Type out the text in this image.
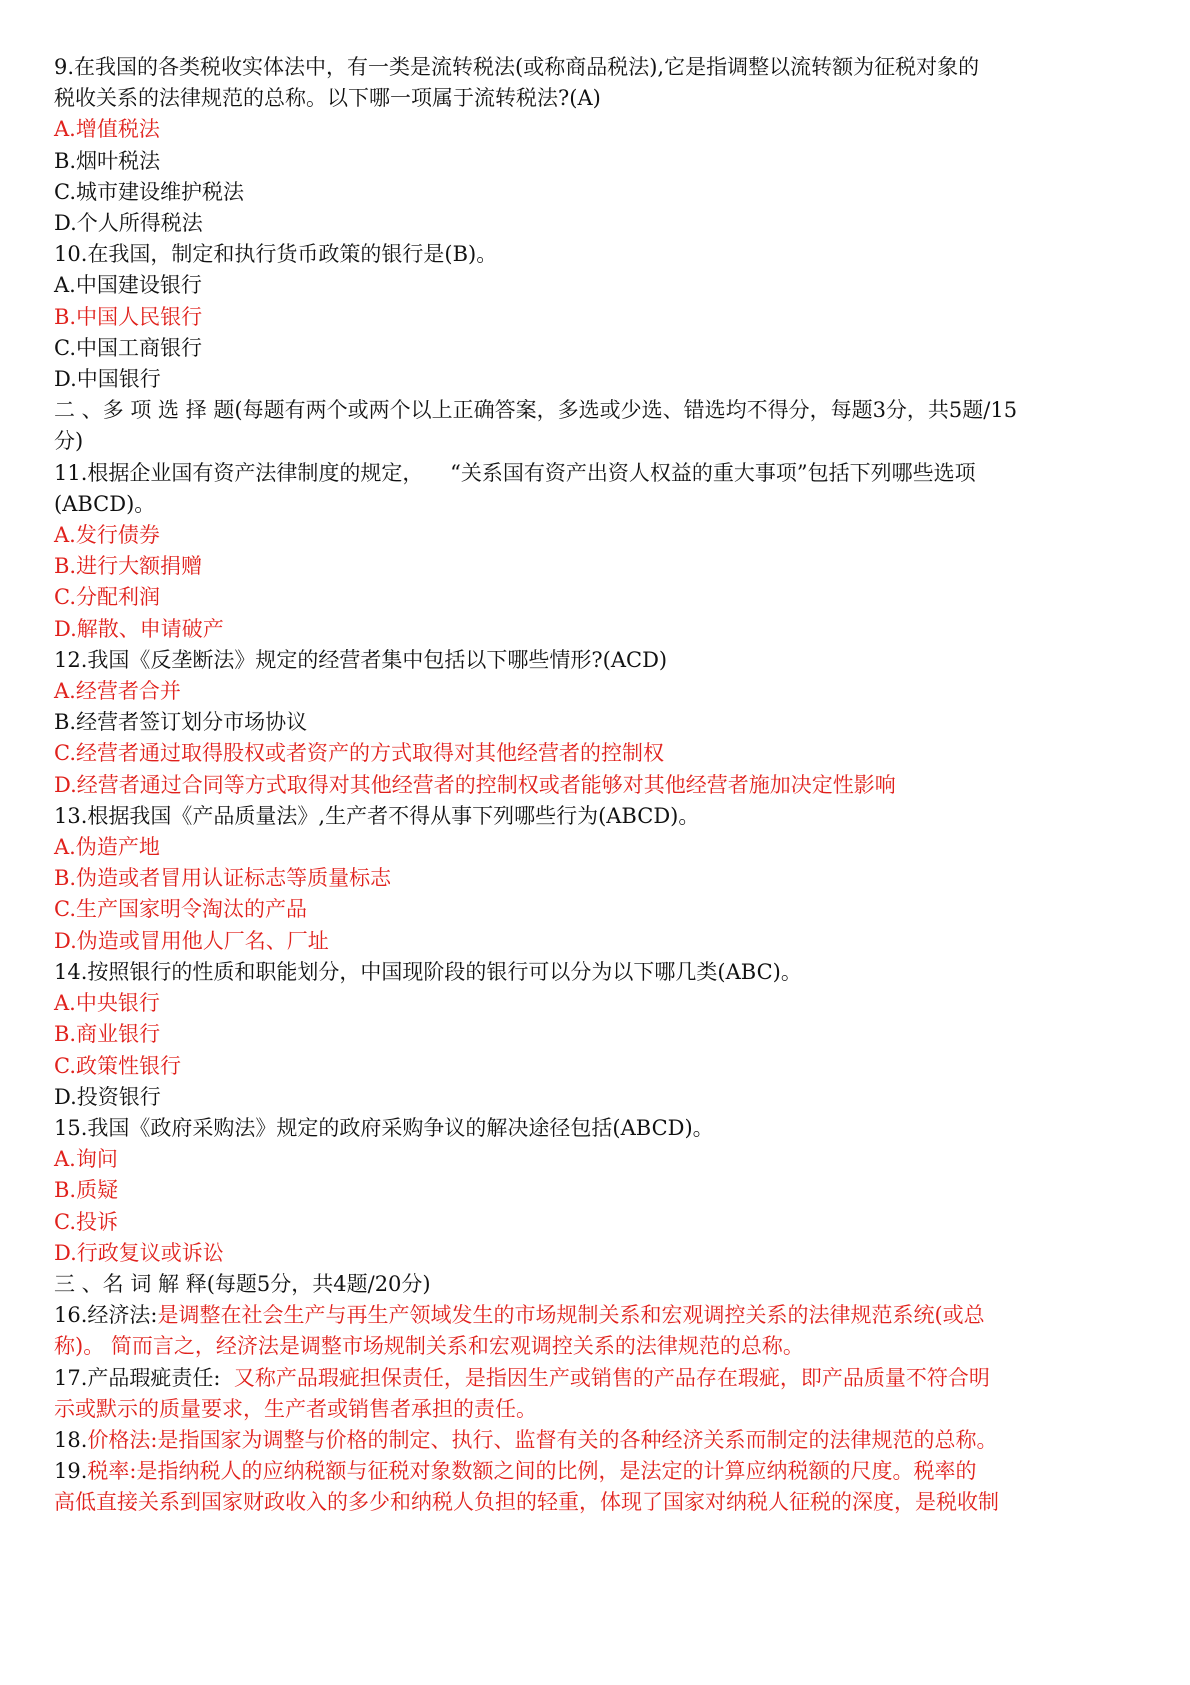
9.在我国的各类税收实体法中，有一类是流转税法(或称商品税法),它是指调整以流转额为征税对象的

税收关系的法律规范的总称。以下哪一项属于流转税法?(A)

A.增值税法

B.烟叶税法

C.城市建设维护税法

D.个人所得税法

10.在我国，制定和执行货币政策的银行是(B)。

A.中国建设银行

B.中国人民银行

C.中国工商银行

D.中国银行

二 、多 项 选 择 题(每题有两个或两个以上正确答案，多选或少选、错选均不得分，每题3分，共5题/15

分)

11.根据企业国有资产法律制度的规定，    “关系国有资产出资人权益的重大事项”包括下列哪些选项

(ABCD)。

A.发行债券

B.进行大额捐赠

C.分配利润

D.解散、申请破产

12.我国《反垄断法》规定的经营者集中包括以下哪些情形?(ACD)

A.经营者合并

B.经营者签订划分市场协议

C.经营者通过取得股权或者资产的方式取得对其他经营者的控制权

D.经营者通过合同等方式取得对其他经营者的控制权或者能够对其他经营者施加决定性影响

13.根据我国《产品质量法》,生产者不得从事下列哪些行为(ABCD)。

A.伪造产地

B.伪造或者冒用认证标志等质量标志

C.生产国家明令淘汰的产品

D.伪造或冒用他人厂名、厂址

14.按照银行的性质和职能划分，中国现阶段的银行可以分为以下哪几类(ABC)。

A.中央银行

B.商业银行

C.政策性银行

D.投资银行

15.我国《政府采购法》规定的政府采购争议的解决途径包括(ABCD)。

A.询问

B.质疑

C.投诉

D.行政复议或诉讼

三 、名 词 解 释(每题5分，共4题/20分)

16.经济法:是调整在社会生产与再生产领域发生的市场规制关系和宏观调控关系的法律规范系统(或总

称)。 简而言之，经济法是调整市场规制关系和宏观调控关系的法律规范的总称。

17.产品瑕疵责任:  又称产品瑕疵担保责任，是指因生产或销售的产品存在瑕疵，即产品质量不符合明

示或默示的质量要求，生产者或销售者承担的责任。

18.价格法:是指国家为调整与价格的制定、执行、监督有关的各种经济关系而制定的法律规范的总称。

19.税率:是指纳税人的应纳税额与征税对象数额之间的比例，是法定的计算应纳税额的尺度。税率的

高低直接关系到国家财政收入的多少和纳税人负担的轻重，体现了国家对纳税人征税的深度，是税收制
